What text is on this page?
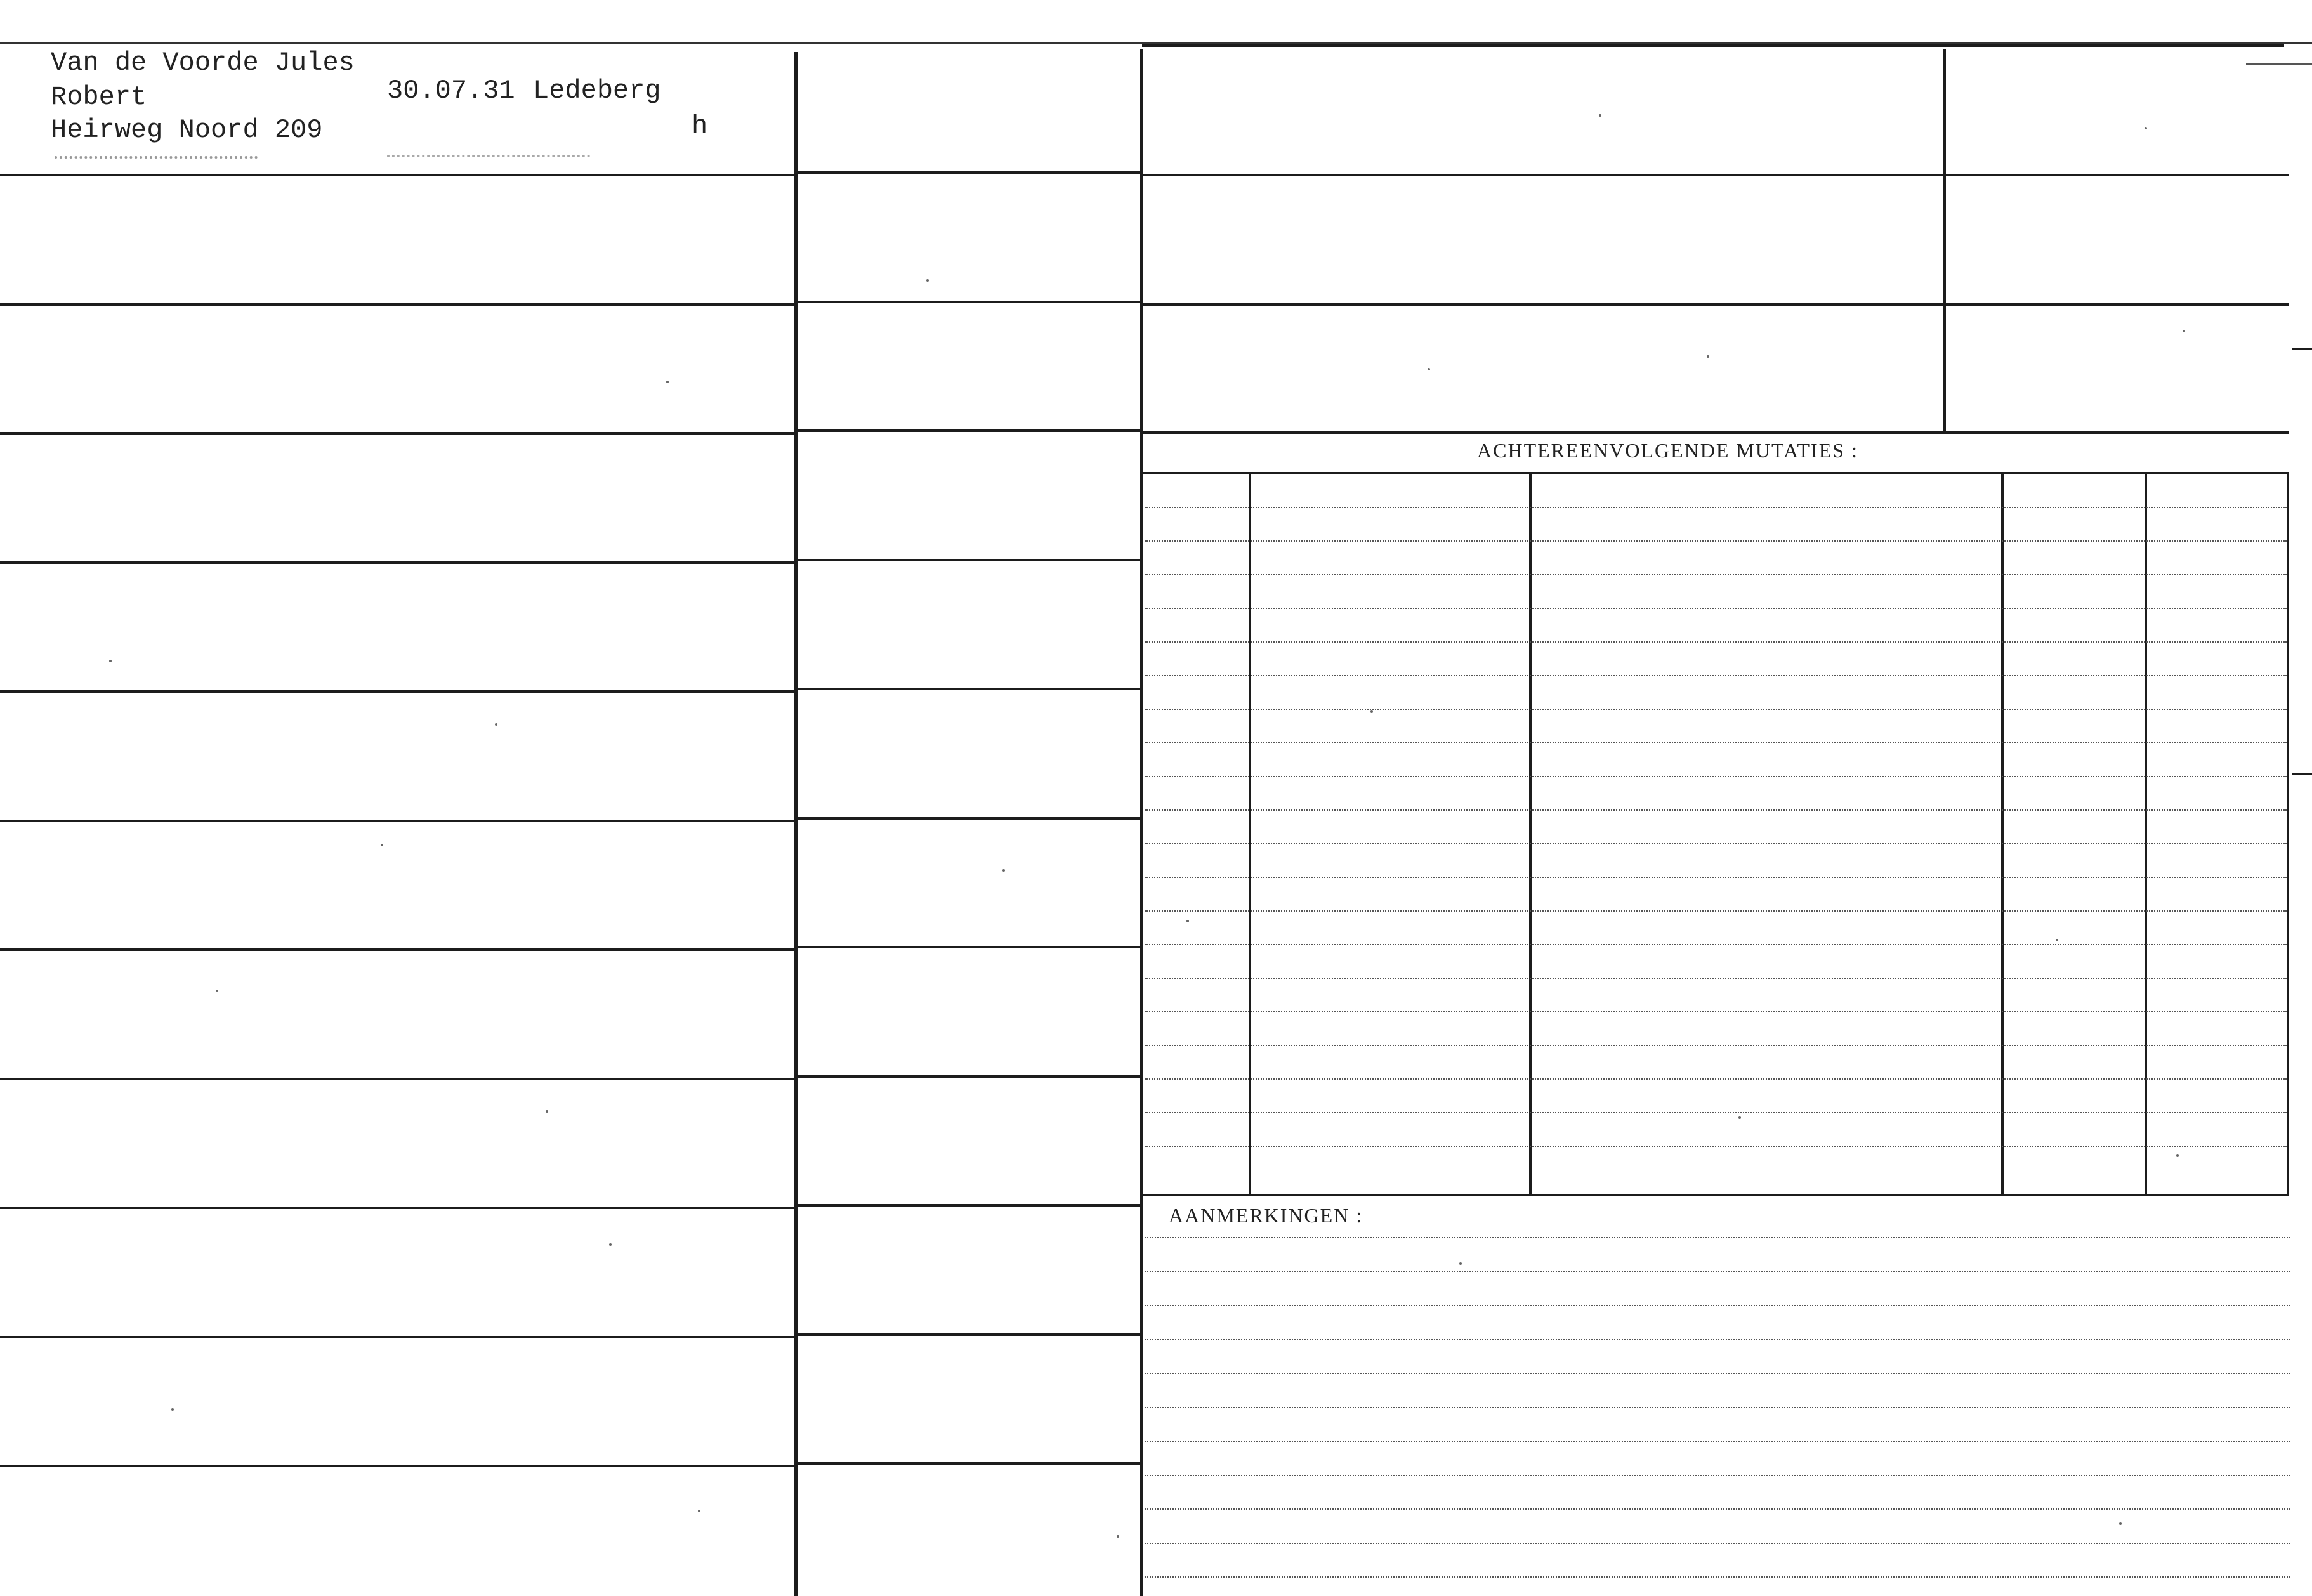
ACHTEREENVOLGENDE MUTATIES :
AANMERKINGEN :
Van de Voorde Jules
Robert	30.07.31 Ledeberg
Heirweg Noord 209	h
